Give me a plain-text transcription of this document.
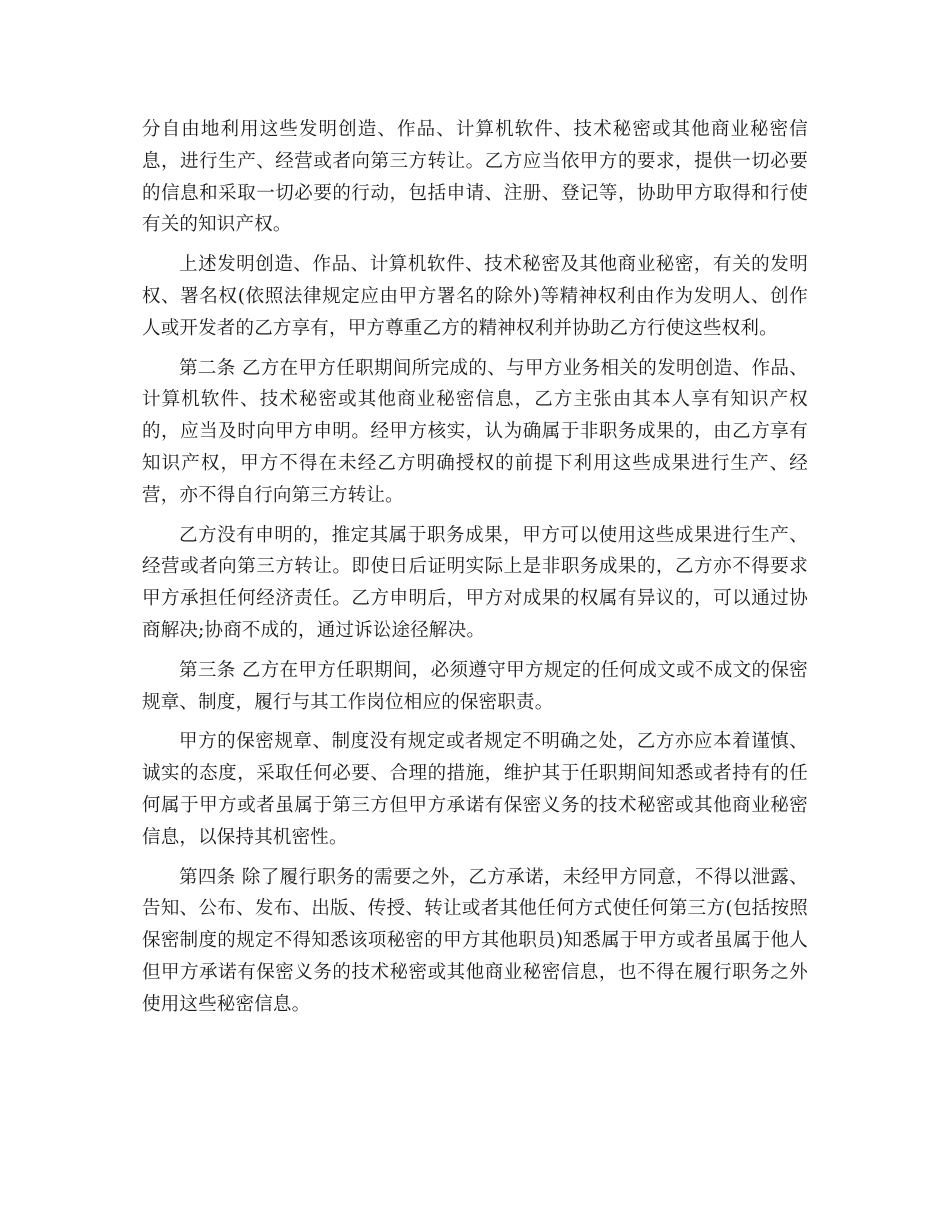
分自由地利用这些发明创造、作品、计算机软件、技术秘密或其他商业秘密信息，进行生产、经营或者向第三方转让。乙方应当依甲方的要求，提供一切必要的信息和采取一切必要的行动，包括申请、注册、登记等，协助甲方取得和行使有关的知识产权。

上述发明创造、作品、计算机软件、技术秘密及其他商业秘密，有关的发明权、署名权(依照法律规定应由甲方署名的除外)等精神权利由作为发明人、创作人或开发者的乙方享有，甲方尊重乙方的精神权利并协助乙方行使这些权利。

第二条 乙方在甲方任职期间所完成的、与甲方业务相关的发明创造、作品、计算机软件、技术秘密或其他商业秘密信息，乙方主张由其本人享有知识产权的，应当及时向甲方申明。经甲方核实，认为确属于非职务成果的，由乙方享有知识产权，甲方不得在未经乙方明确授权的前提下利用这些成果进行生产、经营，亦不得自行向第三方转让。

乙方没有申明的，推定其属于职务成果，甲方可以使用这些成果进行生产、经营或者向第三方转让。即使日后证明实际上是非职务成果的，乙方亦不得要求甲方承担任何经济责任。乙方申明后，甲方对成果的权属有异议的，可以通过协商解决;协商不成的，通过诉讼途径解决。

第三条 乙方在甲方任职期间，必须遵守甲方规定的任何成文或不成文的保密规章、制度，履行与其工作岗位相应的保密职责。

甲方的保密规章、制度没有规定或者规定不明确之处，乙方亦应本着谨慎、诚实的态度，采取任何必要、合理的措施，维护其于任职期间知悉或者持有的任何属于甲方或者虽属于第三方但甲方承诺有保密义务的技术秘密或其他商业秘密信息，以保持其机密性。

第四条 除了履行职务的需要之外，乙方承诺，未经甲方同意，不得以泄露、告知、公布、发布、出版、传授、转让或者其他任何方式使任何第三方(包括按照保密制度的规定不得知悉该项秘密的甲方其他职员)知悉属于甲方或者虽属于他人但甲方承诺有保密义务的技术秘密或其他商业秘密信息，也不得在履行职务之外使用这些秘密信息。
